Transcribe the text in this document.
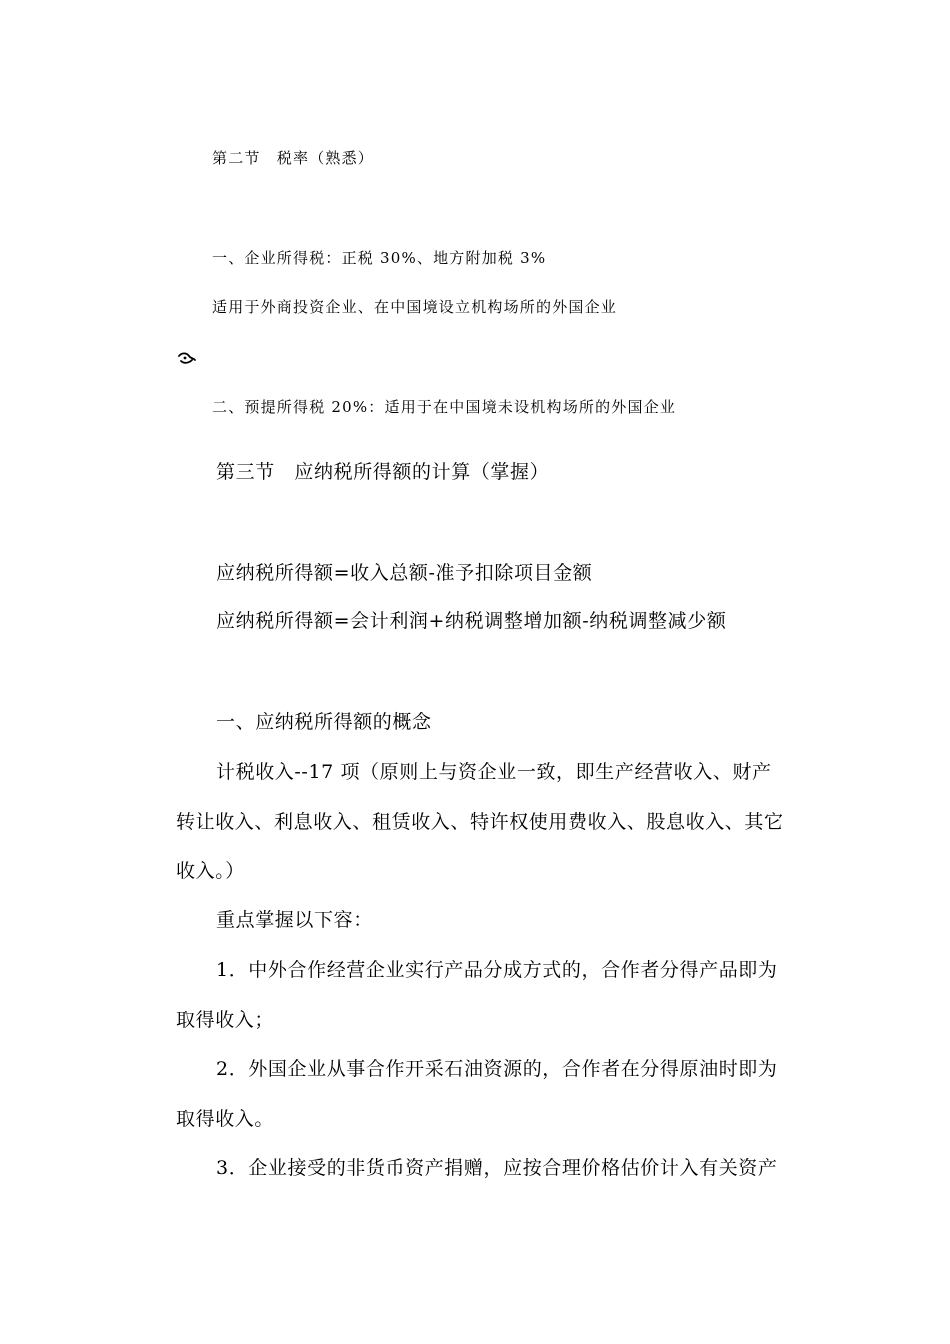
第二节　税率（熟悉）
一、企业所得税：正税 30%、地方附加税 3%
适用于外商投资企业、在中国境设立机构场所的外国企业
二、预提所得税 20%：适用于在中国境未设机构场所的外国企业
第三节　应纳税所得额的计算（掌握）
应纳税所得额=收入总额-准予扣除项目金额
应纳税所得额=会计利润+纳税调整增加额-纳税调整减少额
一、应纳税所得额的概念
计税收入--17 项（原则上与资企业一致，即生产经营收入、财产
转让收入、利息收入、租赁收入、特许权使用费收入、股息收入、其它
收入。）
重点掌握以下容：
1．中外合作经营企业实行产品分成方式的，合作者分得产品即为
取得收入；
2．外国企业从事合作开采石油资源的，合作者在分得原油时即为
取得收入。
3．企业接受的非货币资产捐赠，应按合理价格估价计入有关资产
